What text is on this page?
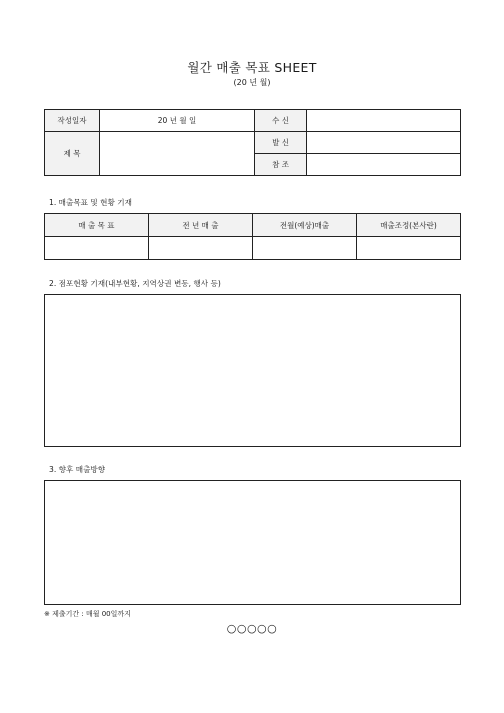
월간 매출 목표 SHEET
(20 년 월)
작성일자	20 년 월 일	수 신	
제 목		발 신	
		참 조	
1. 매출목표 및 현황 기재
매 출 목 표	전 년 매 출	전월(예상)매출	매출조정(본사란)

2. 점포현황 기재(내부현황, 지역상권 변동, 행사 등)
3. 향후 매출방향
※ 제출기간 : 매월 00일까지
○○○○○
